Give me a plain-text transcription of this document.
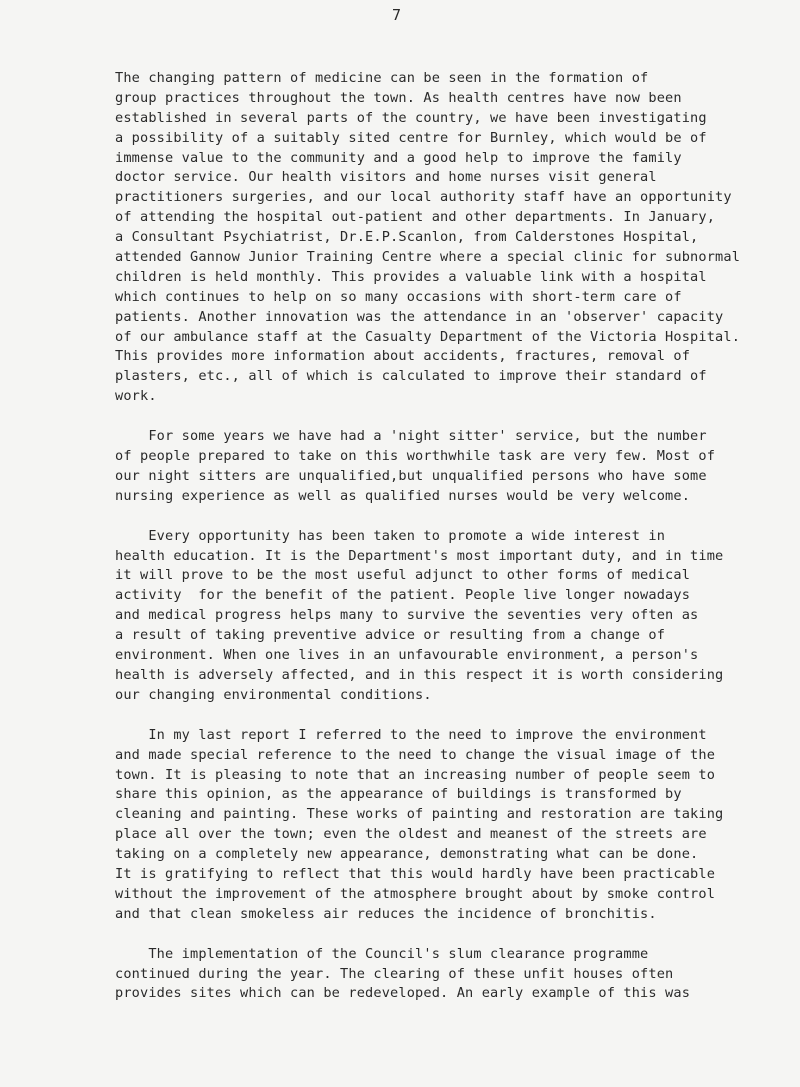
7
The changing pattern of medicine can be seen in the formation of
group practices throughout the town. As health centres have now been
established in several parts of the country, we have been investigating
a possibility of a suitably sited centre for Burnley, which would be of
immense value to the community and a good help to improve the family
doctor service. Our health visitors and home nurses visit general
practitioners surgeries, and our local authority staff have an opportunity
of attending the hospital out-patient and other departments. In January,
a Consultant Psychiatrist, Dr.E.P.Scanlon, from Calderstones Hospital,
attended Gannow Junior Training Centre where a special clinic for subnormal
children is held monthly. This provides a valuable link with a hospital
which continues to help on so many occasions with short-term care of
patients. Another innovation was the attendance in an 'observer' capacity
of our ambulance staff at the Casualty Department of the Victoria Hospital.
This provides more information about accidents, fractures, removal of
plasters, etc., all of which is calculated to improve their standard of
work.
For some years we have had a 'night sitter' service, but the number
of people prepared to take on this worthwhile task are very few. Most of
our night sitters are unqualified,but unqualified persons who have some
nursing experience as well as qualified nurses would be very welcome.
Every opportunity has been taken to promote a wide interest in
health education. It is the Department's most important duty, and in time
it will prove to be the most useful adjunct to other forms of medical
activity  for the benefit of the patient. People live longer nowadays
and medical progress helps many to survive the seventies very often as
a result of taking preventive advice or resulting from a change of
environment. When one lives in an unfavourable environment, a person's
health is adversely affected, and in this respect it is worth considering
our changing environmental conditions.
In my last report I referred to the need to improve the environment
and made special reference to the need to change the visual image of the
town. It is pleasing to note that an increasing number of people seem to
share this opinion, as the appearance of buildings is transformed by
cleaning and painting. These works of painting and restoration are taking
place all over the town; even the oldest and meanest of the streets are
taking on a completely new appearance, demonstrating what can be done.
It is gratifying to reflect that this would hardly have been practicable
without the improvement of the atmosphere brought about by smoke control
and that clean smokeless air reduces the incidence of bronchitis.
The implementation of the Council's slum clearance programme
continued during the year. The clearing of these unfit houses often
provides sites which can be redeveloped. An early example of this was
